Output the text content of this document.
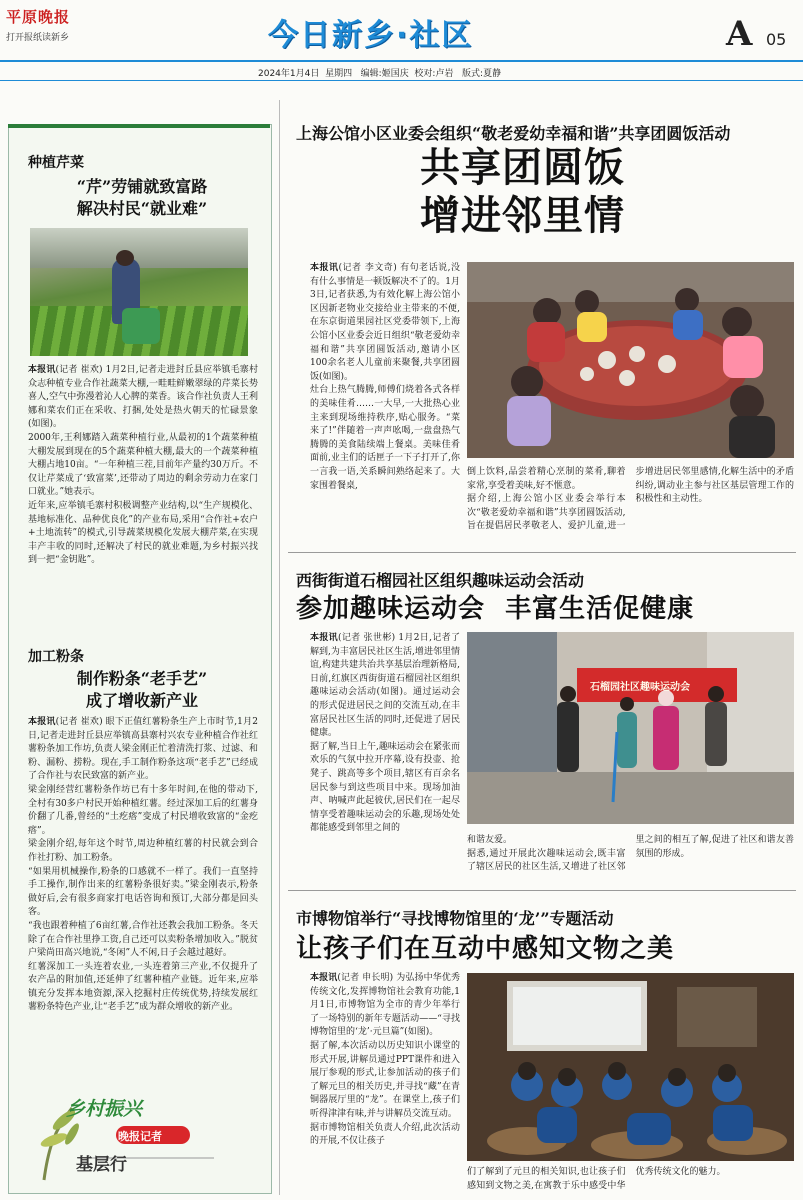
平原晚报
打开报纸读新乡	今日新乡·社区	A 05
2024年1月4日  星期四   编辑:姬国庆  校对:卢岩   版式:夏静
种植芹菜
“芹”劳铺就致富路
解决村民“就业难”
本报讯(记者 崔欢) 1月2日,记者走进封丘县应举镇毛寨村众志种植专业合作社蔬菜大棚,一畦畦鲜嫩翠绿的芹菜长势喜人,空气中弥漫着沁人心脾的菜香。该合作社负责人王利娜和菜农们正在采收、打捆,处处是热火朝天的忙碌景象(如图)。
2000年,王利娜踏入蔬菜种植行业,从最初的1个蔬菜种植大棚发展到现在的5个蔬菜种植大棚,最大的一个蔬菜种植大棚占地10亩。“一年种植三茬,目前年产量约30万斤。不仅让芹菜成了‘致富菜’,还带动了周边的剩余劳动力在家门口就业。”她表示。
近年来,应举镇毛寨村积极调整产业结构,以“生产规模化、基地标准化、品种优良化”的产业布局,采用“合作社+农户+土地流转”的模式,引导蔬菜规模化发展大棚芹菜,在实现丰产丰收的同时,还解决了村民的就业难题,为乡村振兴找到一把“金钥匙”。
加工粉条
制作粉条“老手艺”
成了增收新产业
本报讯(记者 崔欢) 眼下正值红薯粉条生产上市时节,1月2日,记者走进封丘县应举镇高县寨村兴农专业种植合作社红薯粉条加工作坊,负责人梁金刚正忙着清洗打浆、过滤、和粉、漏粉、捞粉。现在,手工制作粉条这项“老手艺”已经成了合作社与农民致富的新产业。
梁金刚经营红薯粉条作坊已有十多年时间,在他的带动下,全村有30多户村民开始种植红薯。经过深加工后的红薯身价翻了几番,曾经的“土疙瘩”变成了村民增收致富的“金疙瘩”。
梁金刚介绍,每年这个时节,周边种植红薯的村民就会到合作社打粉、加工粉条。
“如果用机械操作,粉条的口感就不一样了。我们一直坚持手工操作,制作出来的红薯粉条很好卖。”梁金刚表示,粉条做好后,会有很多商家打电话咨询和预订,大部分都是回头客。
“我也跟着种植了6亩红薯,合作社还教会我加工粉条。冬天除了在合作社里挣工资,自己还可以卖粉条增加收入。”脱贫户梁尚田高兴地说,“冬闲”人不闲,日子会越过越好。
红薯深加工一头连着农业,一头连着第三产业,不仅提升了农产品的附加值,还延伸了红薯种植产业链。近年来,应举镇充分发挥本地资源,深入挖掘村庄传统优势,持续发展红薯粉条特色产业,让“老手艺”成为群众增收的新产业。
乡村振兴
晚报记者
基层行
上海公馆小区业委会组织“敬老爱幼幸福和谐”共享团圆饭活动
共享团圆饭
增进邻里情
本报讯(记者 李文奇) 有句老话说,没有什么事情是一顿饭解决不了的。1月3日,记者获悉,为有效化解上海公馆小区因新老物业交接给业主带来的不便,在东京街道果园社区党委带领下,上海公馆小区业委会近日组织“敬老爱幼幸福和谐”共享团圆饭活动,邀请小区100余名老人儿童前来聚餐,共享团圆饭(如图)。
灶台上热气腾腾,师傅们烧着各式各样的美味佳肴……一大早,一大批热心业主来到现场维持秩序,贴心服务。“菜来了!”伴随着一声声吆喝,一盘盘热气腾腾的美食陆续端上餐桌。美味佳肴面前,业主们的话匣子一下子打开了,你一言我一语,关系瞬间熟络起来了。大家围着餐桌,
倒上饮料,品尝着精心烹制的菜肴,聊着家常,享受着美味,好不惬意。
据介绍,上海公馆小区业委会举行本次“敬老爱幼幸福和谐”共享团圆饭活动,旨在提倡居民孝敬老人、爱护儿童,进一步增进居民邻里感情,化解生活中的矛盾纠纷,调动业主参与社区基层管理工作的积极性和主动性。
西街街道石榴园社区组织趣味运动会活动
参加趣味运动会  丰富生活促健康
本报讯(记者 张世彬) 1月2日,记者了解到,为丰富居民社区生活,增进邻里情谊,构建共建共治共享基层治理新格局,日前,红旗区西街街道石榴园社区组织趣味运动会活动(如图)。通过运动会的形式促进居民之间的交流互动,在丰富居民社区生活的同时,还促进了居民健康。
据了解,当日上午,趣味运动会在紧张而欢乐的气氛中拉开序幕,设有投壶、抢凳子、跳高等多个项目,辖区有百余名居民参与到这些项目中来。现场加油声、呐喊声此起彼伏,居民们在一起尽情享受着趣味运动会的乐趣,现场处处都能感受到邻里之间的
石榴园社区趣味运动会
和谐友爱。
据悉,通过开展此次趣味运动会,既丰富了辖区居民的社区生活,又增进了社区邻里之间的相互了解,促进了社区和谐友善氛围的形成。
市博物馆举行“寻找博物馆里的‘龙’”专题活动
让孩子们在互动中感知文物之美
本报讯(记者 申长明) 为弘扬中华优秀传统文化,发挥博物馆社会教育功能,1月1日,市博物馆为全市的青少年举行了一场特别的新年专题活动——“寻找博物馆里的‘龙’·元旦篇”(如图)。
据了解,本次活动以历史知识小课堂的形式开展,讲解员通过PPT课件和进入展厅参观的形式,让参加活动的孩子们了解元旦的相关历史,并寻找“藏”在青铜器展厅里的“龙”。在课堂上,孩子们听得津津有味,并与讲解员交流互动。
据市博物馆相关负责人介绍,此次活动的开展,不仅让孩子
们了解到了元旦的相关知识,也让孩子们感知到文物之美,在寓教于乐中感受中华优秀传统文化的魅力。
